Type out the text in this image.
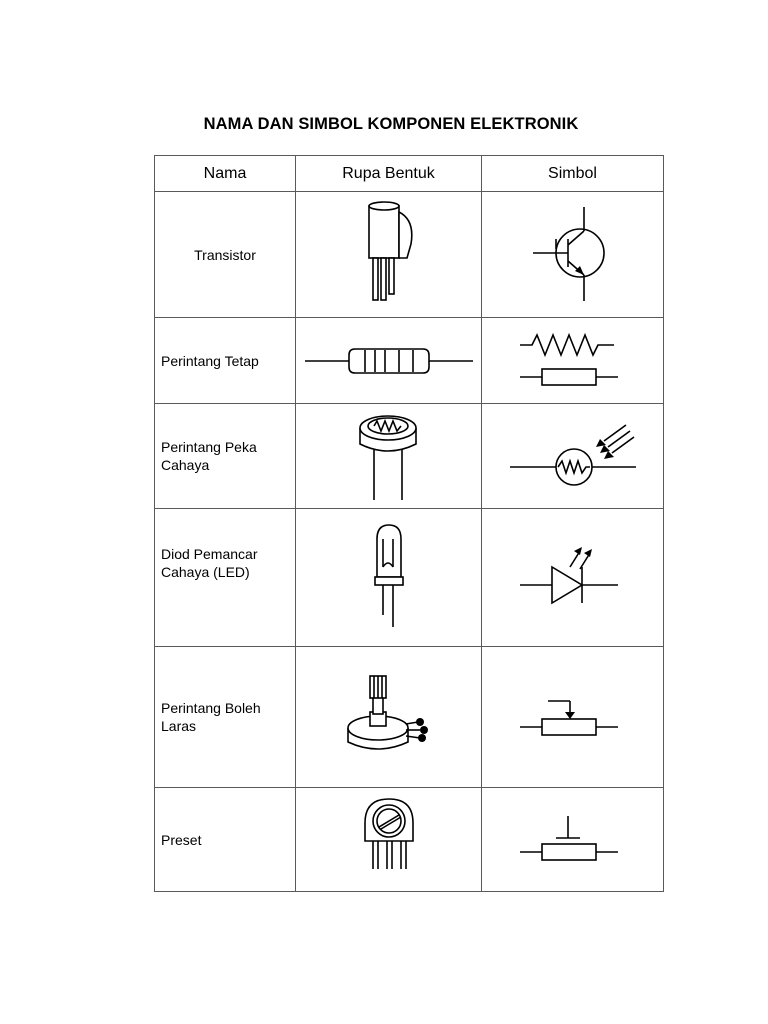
NAMA DAN SIMBOL KOMPONEN ELEKTRONIK
Nama	Rupa Bentuk	Simbol

Transistor

Perintang Tetap

Perintang Peka
Cahaya

Diod Pemancar
Cahaya (LED)

Perintang Boleh
Laras

Preset
